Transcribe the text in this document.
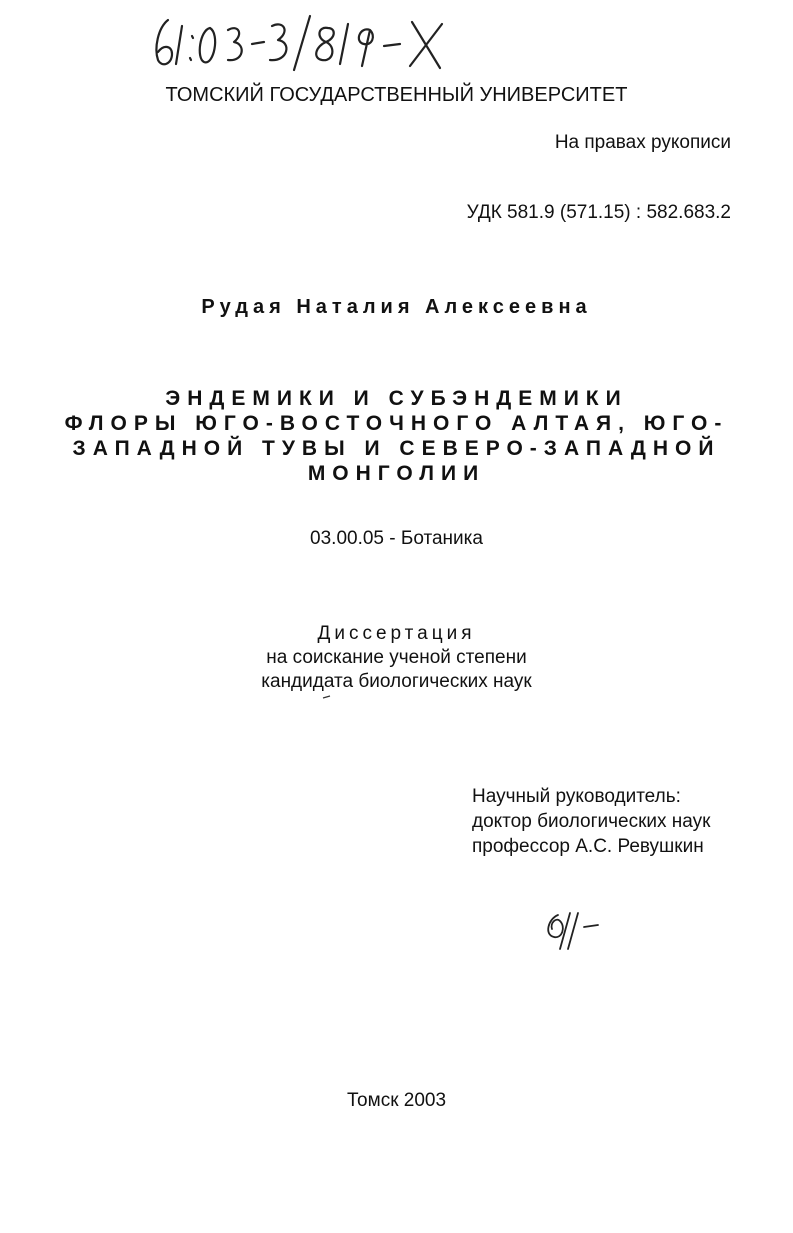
ТОМСКИЙ ГОСУДАРСТВЕННЫЙ УНИВЕРСИТЕТ
На правах рукописи
УДК 581.9 (571.15) : 582.683.2
Рудая Наталия Алексеевна
ЭНДЕМИКИ И СУБЭНДЕМИКИ
ФЛОРЫ ЮГО-ВОСТОЧНОГО АЛТАЯ, ЮГО-
ЗАПАДНОЙ ТУВЫ И СЕВЕРО-ЗАПАДНОЙ
МОНГОЛИИ
03.00.05 - Ботаника
Диссертация
на соискание ученой степени
кандидата биологических наук
Научный руководитель:
доктор биологических наук
профессор А.С. Ревушкин
Томск 2003
